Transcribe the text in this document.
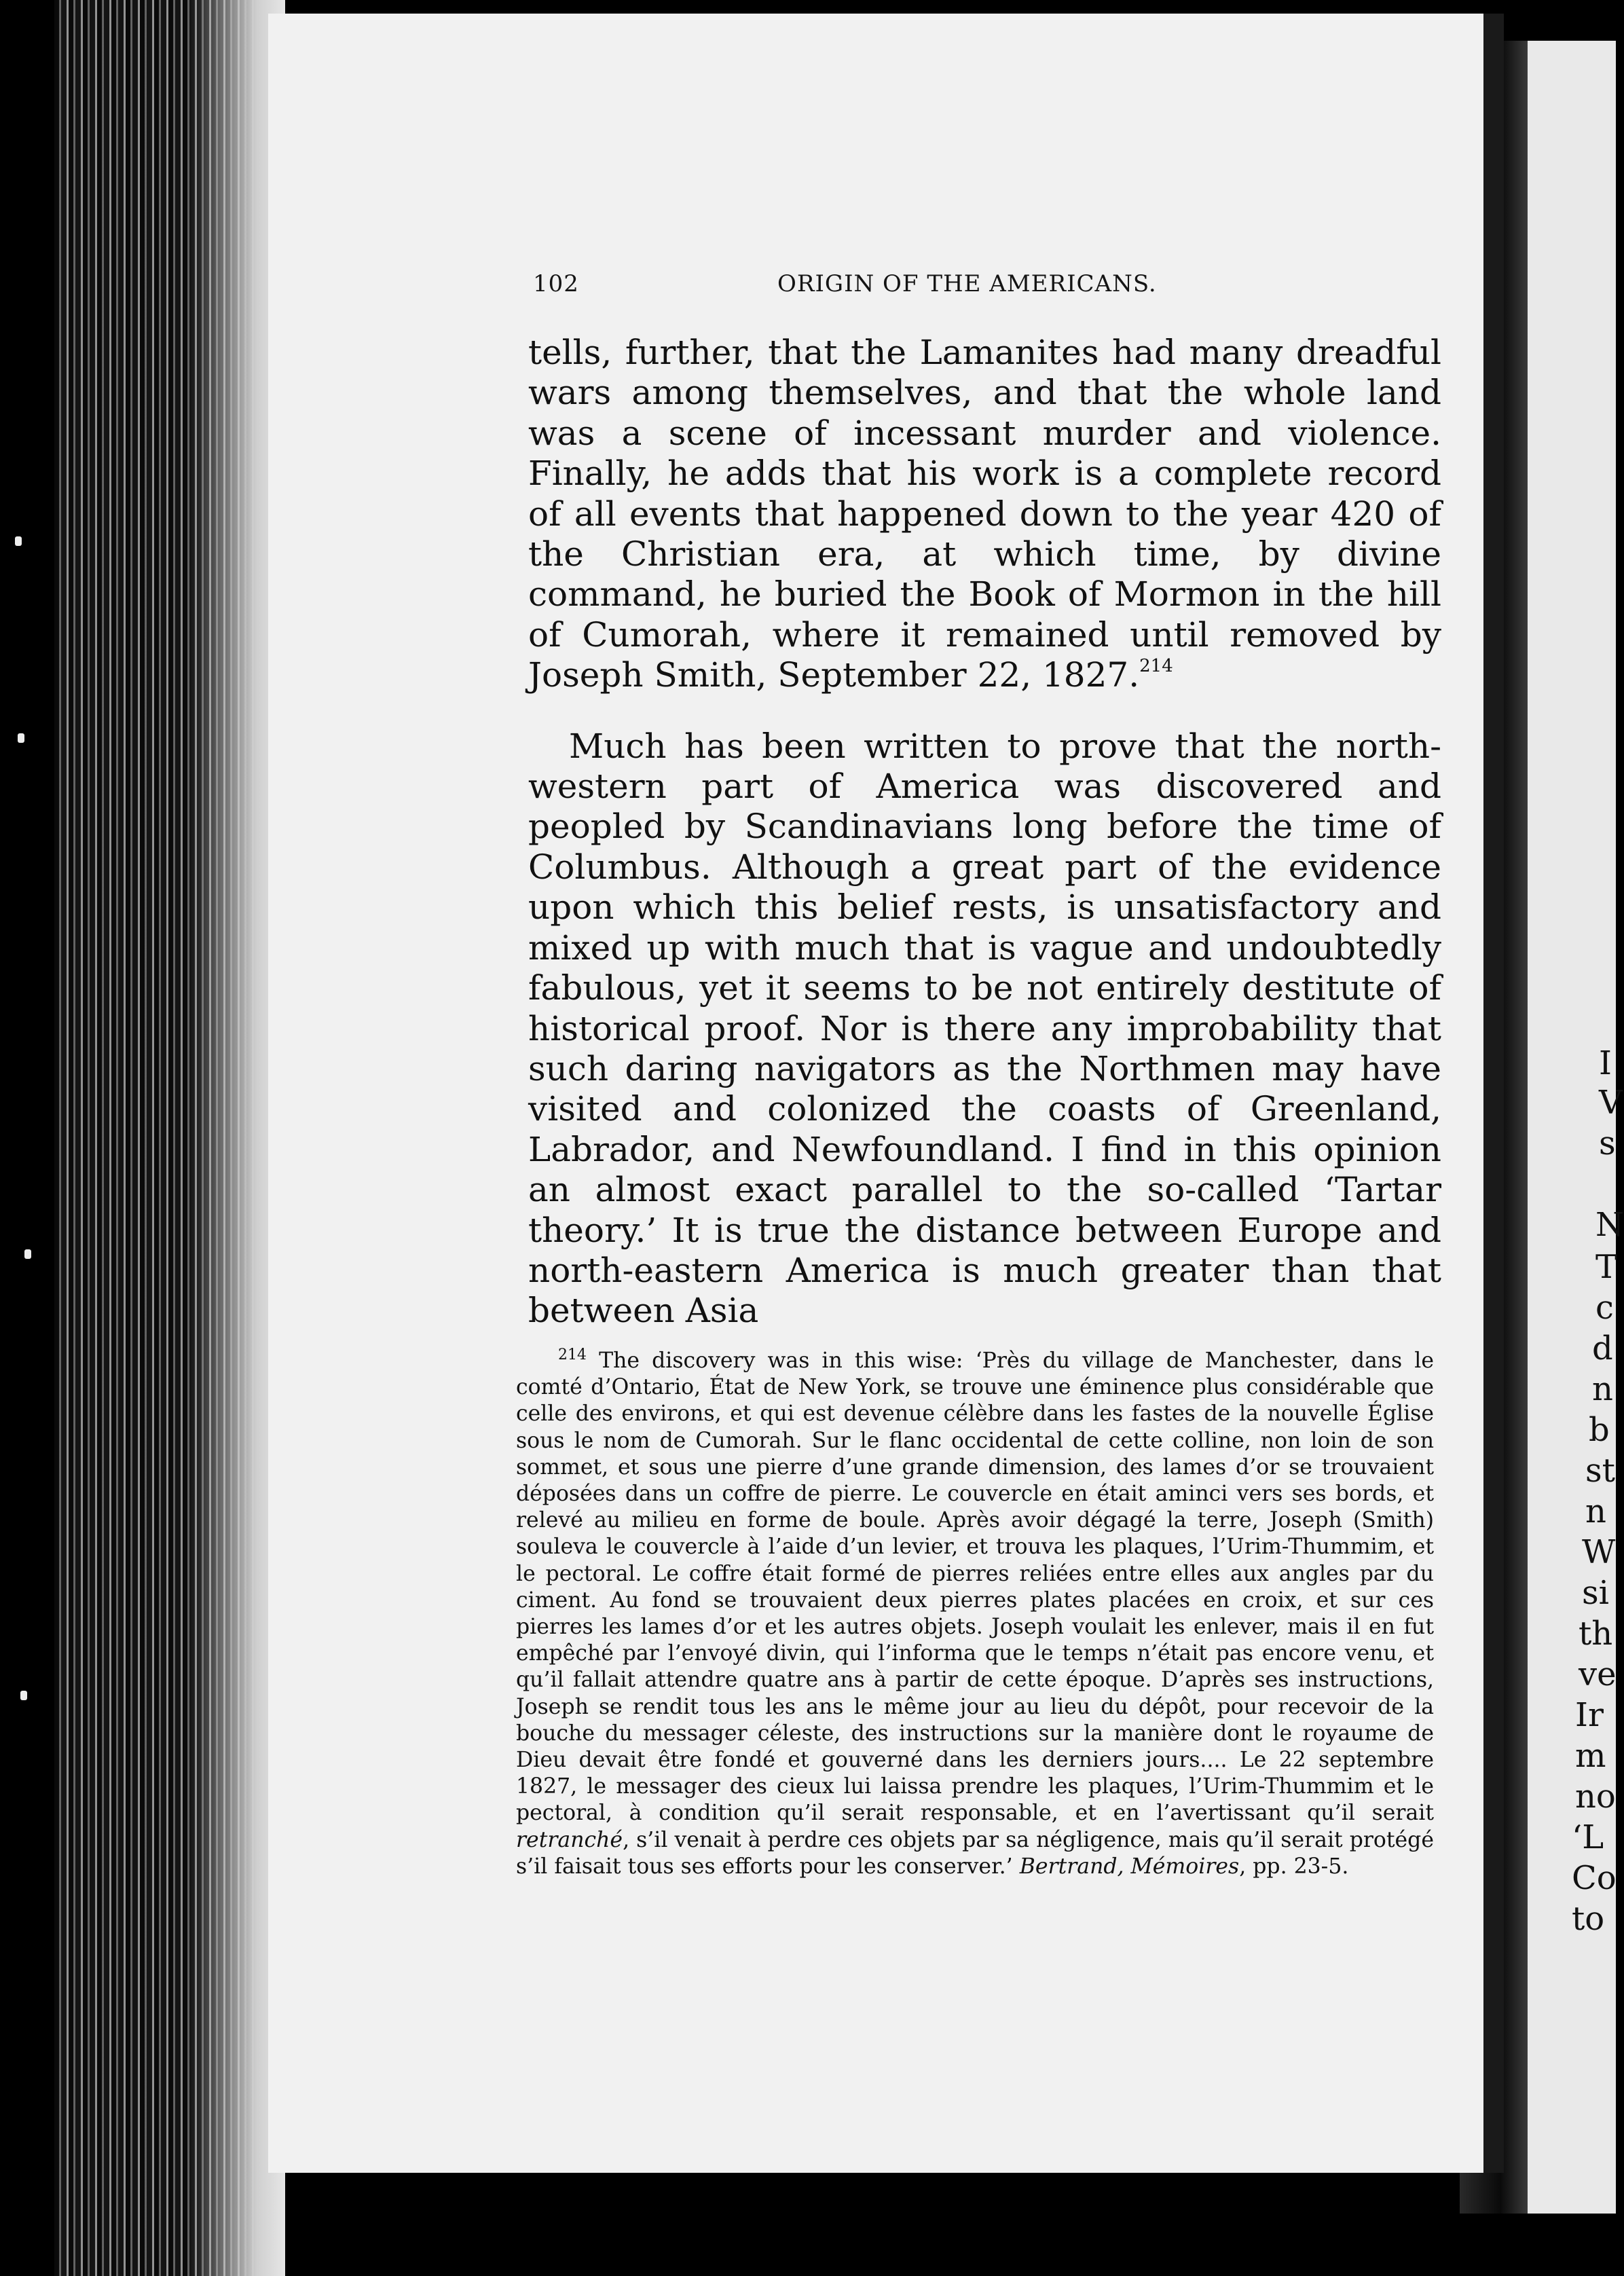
I
V
s
N
T
c
d
n
b
st
n
W
si
th
ve
Ir
m
no
‘L
Co
to
102	ORIGIN OF THE AMERICANS.

tells, further, that the Lamanites had many dreadful wars among themselves, and that the whole land was a scene of incessant murder and violence. Finally, he adds that his work is a complete record of all events that happened down to the year 420 of the Christian era, at which time, by divine command, he buried the Book of Mormon in the hill of Cumorah, where it remained until removed by Joseph Smith, September 22, 1827.$^{214}$

Much has been written to prove that the north-western part of America was discovered and peopled by Scandinavians long before the time of Columbus. Although a great part of the evidence upon which this belief rests, is unsatisfactory and mixed up with much that is vague and undoubtedly fabulous, yet it seems to be not entirely destitute of historical proof. Nor is there any improbability that such daring navigators as the Northmen may have visited and colonized the coasts of Greenland, Labrador, and Newfoundland. I find in this opinion an almost exact parallel to the so-called ‘Tartar theory.’ It is true the distance between Europe and north-eastern America is much greater than that between Asia

$^{214}$ The discovery was in this wise: ‘Près du village de Manchester, dans le comté d’Ontario, État de New York, se trouve une éminence plus considérable que celle des environs, et qui est devenue célèbre dans les fastes de la nouvelle Église sous le nom de Cumorah. Sur le flanc occidental de cette colline, non loin de son sommet, et sous une pierre d’une grande dimension, des lames d’or se trouvaient déposées dans un coffre de pierre. Le couvercle en était aminci vers ses bords, et relevé au milieu en forme de boule. Après avoir dégagé la terre, Joseph (Smith) souleva le couvercle à l’aide d’un levier, et trouva les plaques, l’Urim-Thummim, et le pectoral. Le coffre était formé de pierres reliées entre elles aux angles par du ciment. Au fond se trouvaient deux pierres plates placées en croix, et sur ces pierres les lames d’or et les autres objets. Joseph voulait les enlever, mais il en fut empêché par l’envoyé divin, qui l’informa que le temps n’était pas encore venu, et qu’il fallait attendre quatre ans à partir de cette époque. D’après ses instructions, Joseph se rendit tous les ans le même jour au lieu du dépôt, pour recevoir de la bouche du messager céleste, des instructions sur la manière dont le royaume de Dieu devait être fondé et gouverné dans les derniers jours.... Le 22 septembre 1827, le messager des cieux lui laissa prendre les plaques, l’Urim-Thummim et le pectoral, à condition qu’il serait responsable, et en l’avertissant qu’il serait retranché, s’il venait à perdre ces objets par sa négligence, mais qu’il serait protégé s’il faisait tous ses efforts pour les conserver.’ Bertrand, Mémoires, pp. 23-5.
